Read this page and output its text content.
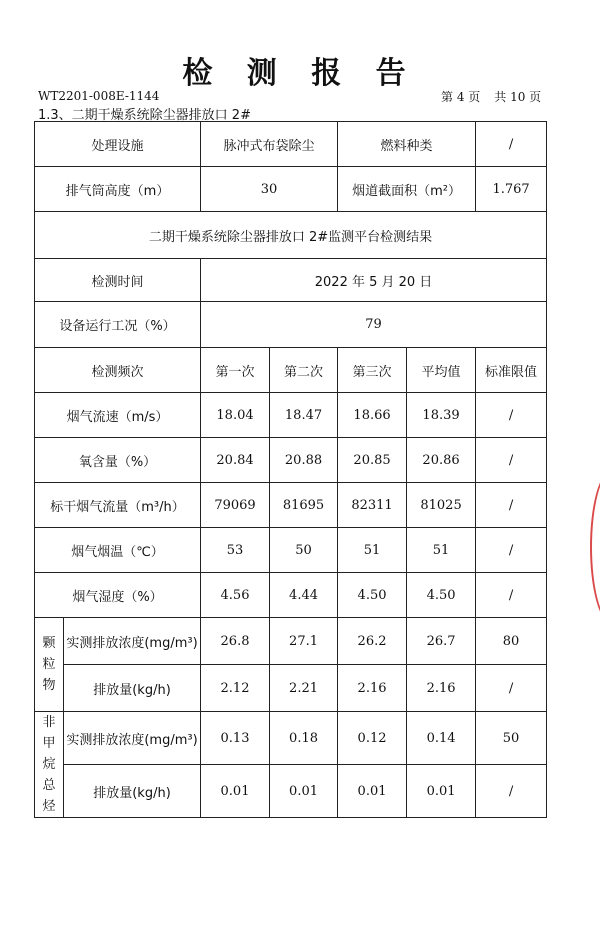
检 测 报 告
WT2201-008E-1144	第 4 页 共 10 页
1.3、二期干燥系统除尘器排放口 2#
处理设施		脉冲式布袋除尘		燃料种类		/
排气筒高度（m）		30		烟道截面积（m²）		1.767
二期干燥系统除尘器排放口 2#监测平台检测结果						
检测时间		2022 年 5 月 20 日				
设备运行工况（%）		79				
检测频次		第一次	第二次	第三次	平均值	标准限值
烟气流速（m/s）		18.04	18.47	18.66	18.39	/
氧含量（%）		20.84	20.88	20.85	20.86	/
标干烟气流量（m³/h）		79069	81695	82311	81025	/
烟气烟温（℃）		53	50	51	51	/
烟气湿度（%）		4.56	4.44	4.50	4.50	/

颗
粒
物	实测排放浓度(mg/m³)	26.8	27.1	26.2	26.7	80
	排放量(kg/h)	2.12	2.21	2.16	2.16	/

非
甲
烷
总
烃	实测排放浓度(mg/m³)	0.13	0.18	0.12	0.14	50
	排放量(kg/h)	0.01	0.01	0.01	0.01	/
